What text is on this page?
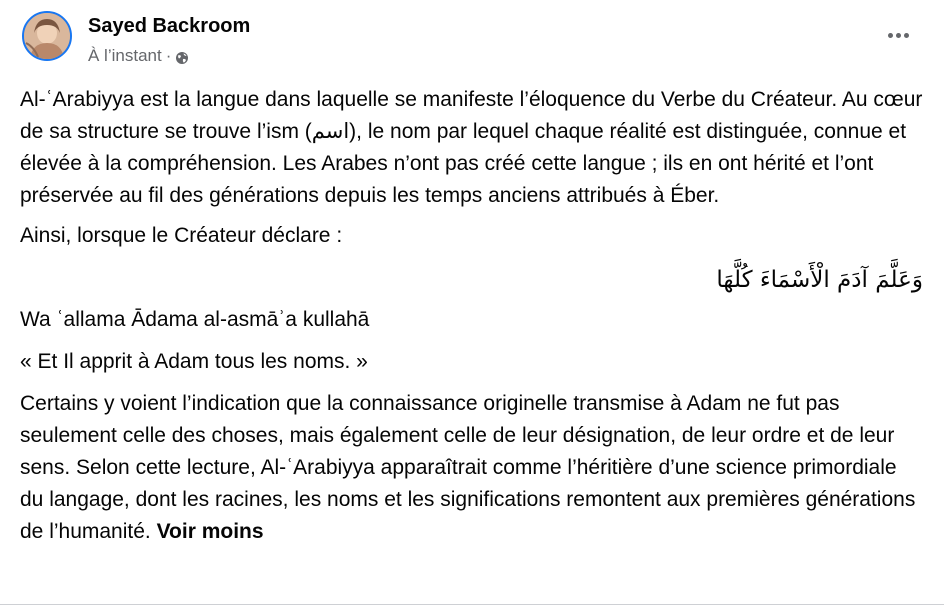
Sayed Backroom
À l’instant ·

Al-ʿArabiyya est la langue dans laquelle se manifeste l’éloquence du Verbe du Créateur. Au cœur de sa structure se trouve l’ism (اسم), le nom par lequel chaque réalité est distinguée, connue et élevée à la compréhension. Les Arabes n’ont pas créé cette langue ; ils en ont hérité et l’ont préservée au fil des générations depuis les temps anciens attribués à Éber.

Ainsi, lorsque le Créateur déclare :

وَعَلَّمَ آدَمَ الْأَسْمَاءَ كُلَّهَا

Wa ʿallama Ādama al-asmāʾa kullahā

« Et Il apprit à Adam tous les noms. »

Certains y voient l’indication que la connaissance originelle transmise à Adam ne fut pas seulement celle des choses, mais également celle de leur désignation, de leur ordre et de leur sens. Selon cette lecture, Al-ʿArabiyya apparaîtrait comme l’héritière d’une science primordiale du langage, dont les racines, les noms et les significations remontent aux premières générations de l’humanité. Voir moins
